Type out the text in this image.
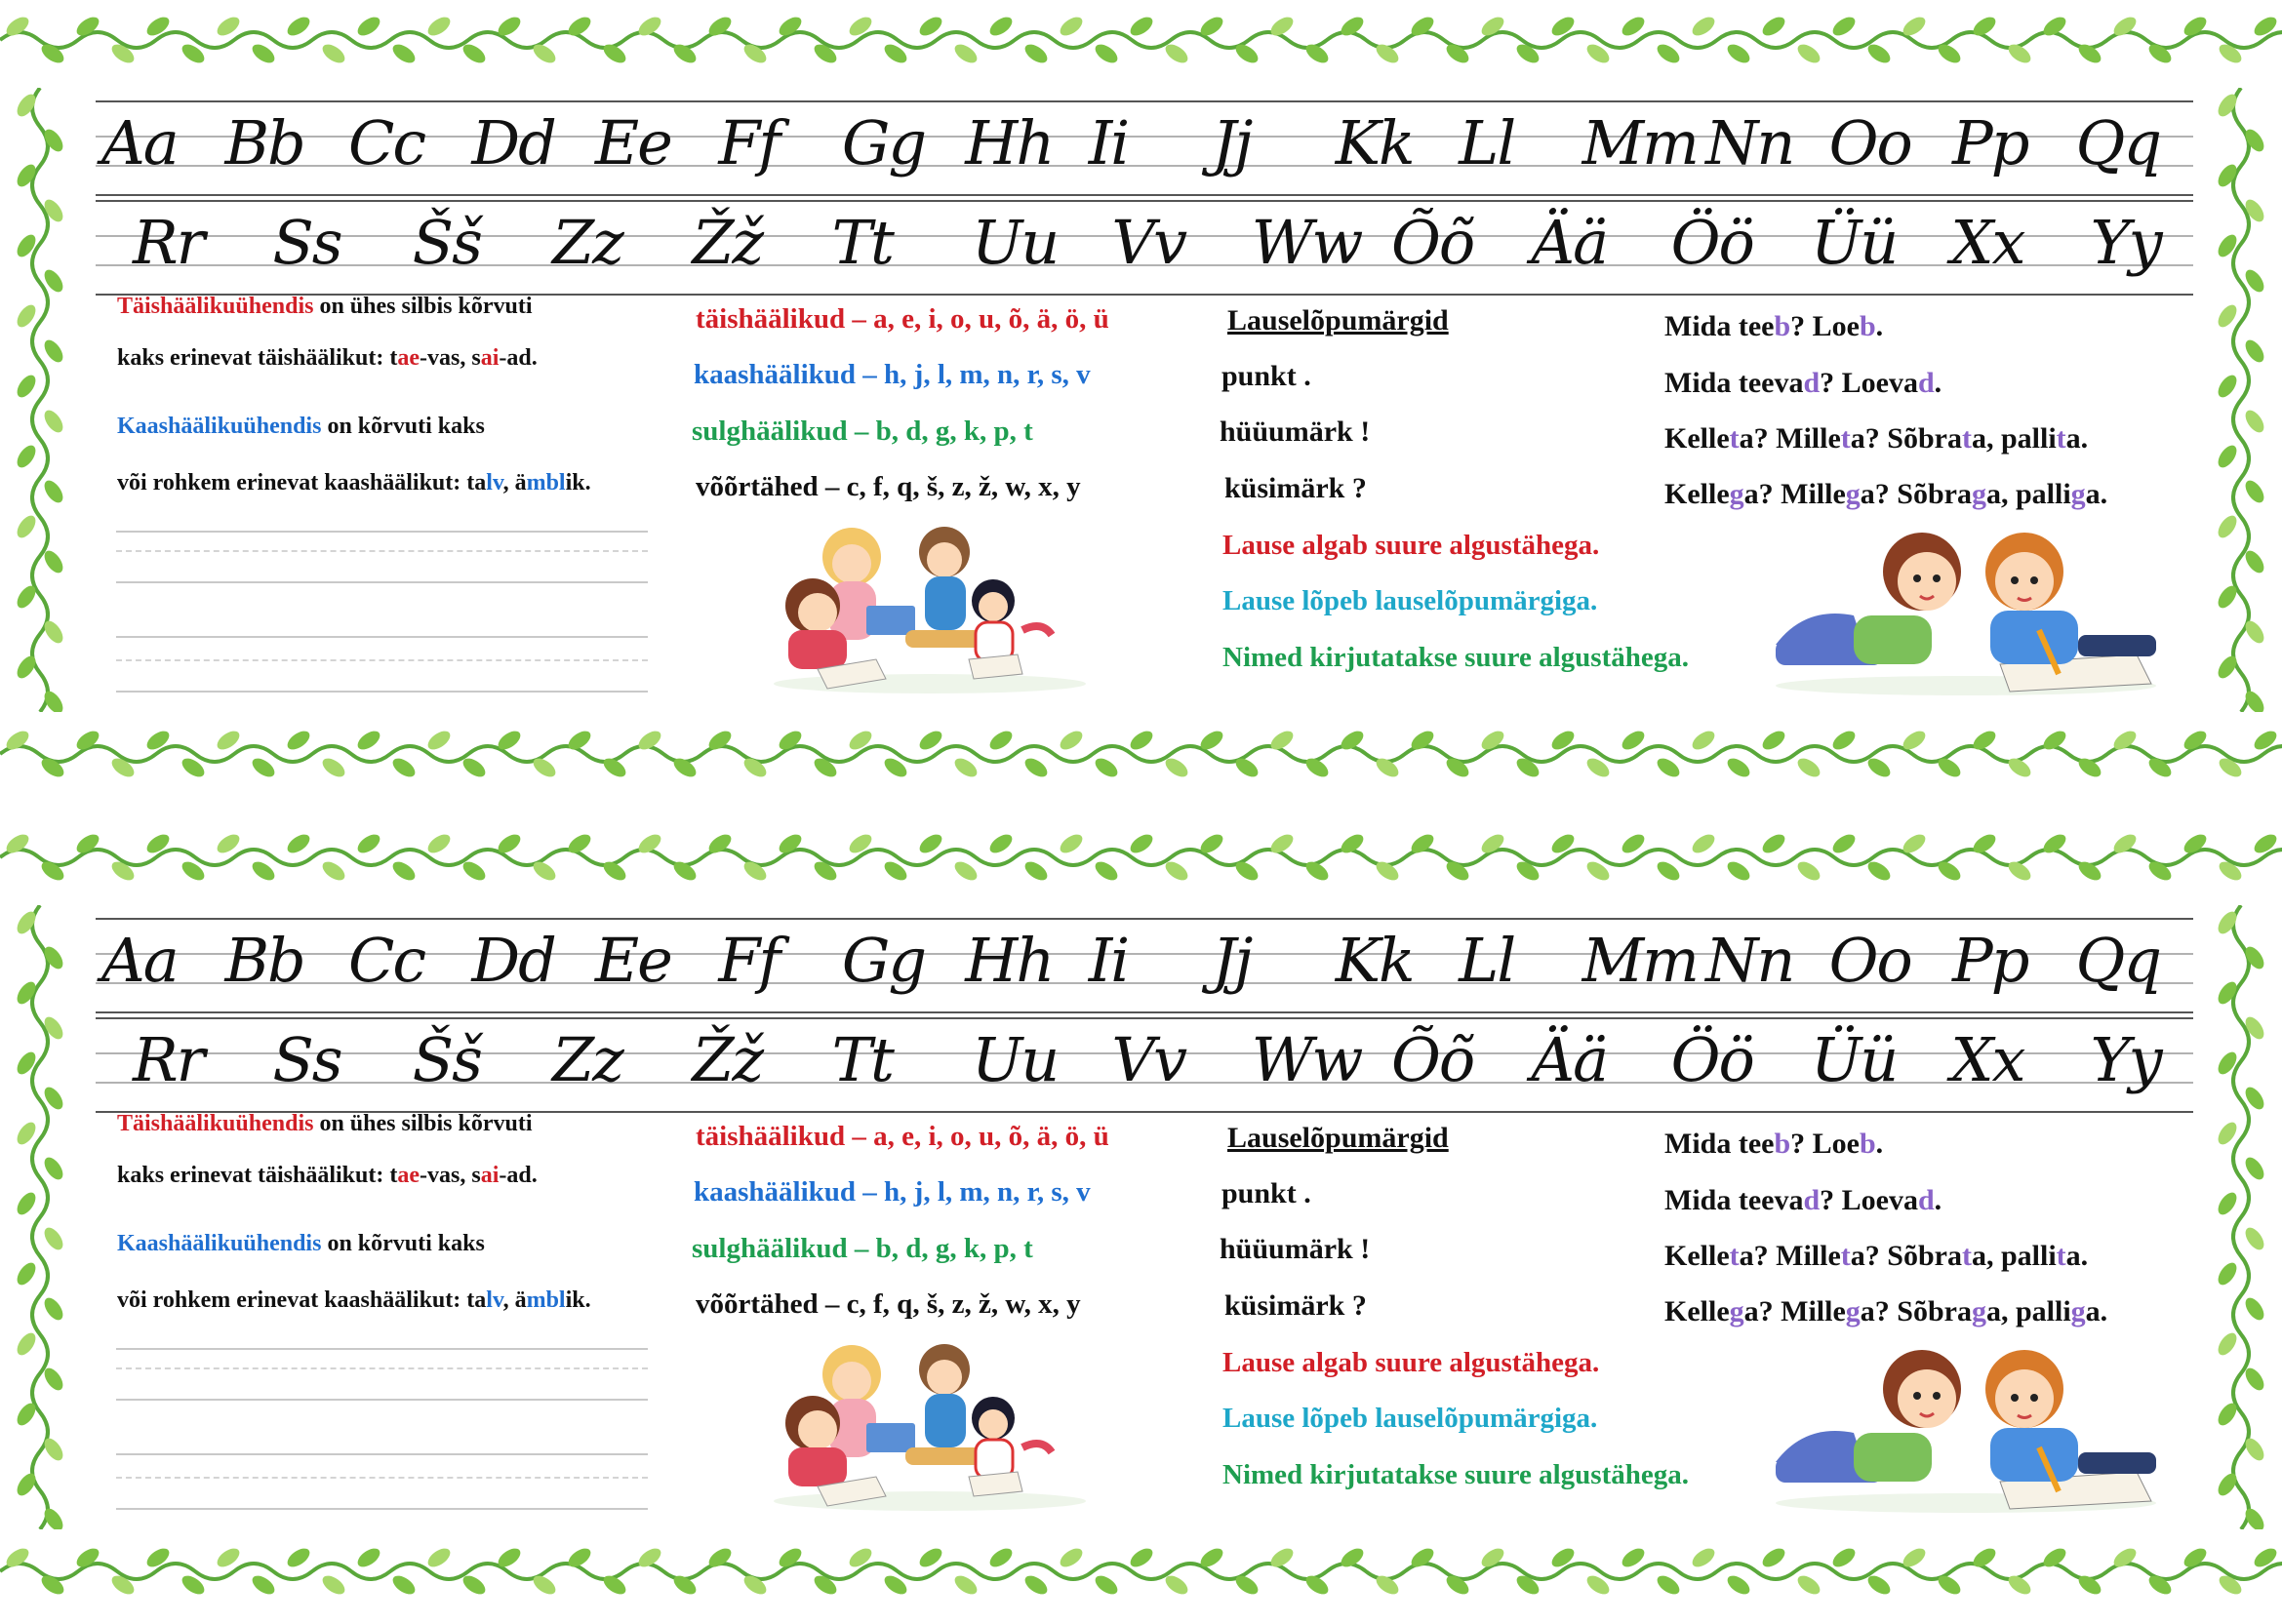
Aa Bb Cc Dd Ee Ff Gg Hh Ii Jj Kk Ll Mm Nn Oo Pp Qq
Rr Ss Šš Zz Žž Tt Uu Vv Ww Õõ Ää Öö Üü Xx Yy
Täishäälikuühendis on ühes silbis kõrvuti
kaks erinevat täishäälikut: tae-vas, sai-ad.
Kaashäälikuühendis on kõrvuti kaks
või rohkem erinevat kaashäälikut: talv, ämblik.
täishäälikud – a, e, i, o, u, õ, ä, ö, ü
kaashäälikud – h, j, l, m, n, r, s, v
sulghäälikud – b, d, g, k, p, t
võõrtähed – c, f, q, š, z, ž, w, x, y
Lauselõpumärgid
punkt .
hüüumärk !
küsimärk ?
Lause algab suure algustähega.
Lause lõpeb lauselõpumärgiga.
Nimed kirjutatakse suure algustähega.
Mida teeb? Loeb.
Mida teevad? Loevad.
Kelleta? Milleta? Sõbrata, pallita.
Kellega? Millega? Sõbraga, palliga.
Aa Bb Cc Dd Ee Ff Gg Hh Ii Jj Kk Ll Mm Nn Oo Pp Qq
Rr Ss Šš Zz Žž Tt Uu Vv Ww Õõ Ää Öö Üü Xx Yy
Täishäälikuühendis on ühes silbis kõrvuti
kaks erinevat täishäälikut: tae-vas, sai-ad.
Kaashäälikuühendis on kõrvuti kaks
või rohkem erinevat kaashäälikut: talv, ämblik.
täishäälikud – a, e, i, o, u, õ, ä, ö, ü
kaashäälikud – h, j, l, m, n, r, s, v
sulghäälikud – b, d, g, k, p, t
võõrtähed – c, f, q, š, z, ž, w, x, y
Lauselõpumärgid
punkt .
hüüumärk !
küsimärk ?
Lause algab suure algustähega.
Lause lõpeb lauselõpumärgiga.
Nimed kirjutatakse suure algustähega.
Mida teeb? Loeb.
Mida teevad? Loevad.
Kelleta? Milleta? Sõbrata, pallita.
Kellega? Millega? Sõbraga, palliga.
